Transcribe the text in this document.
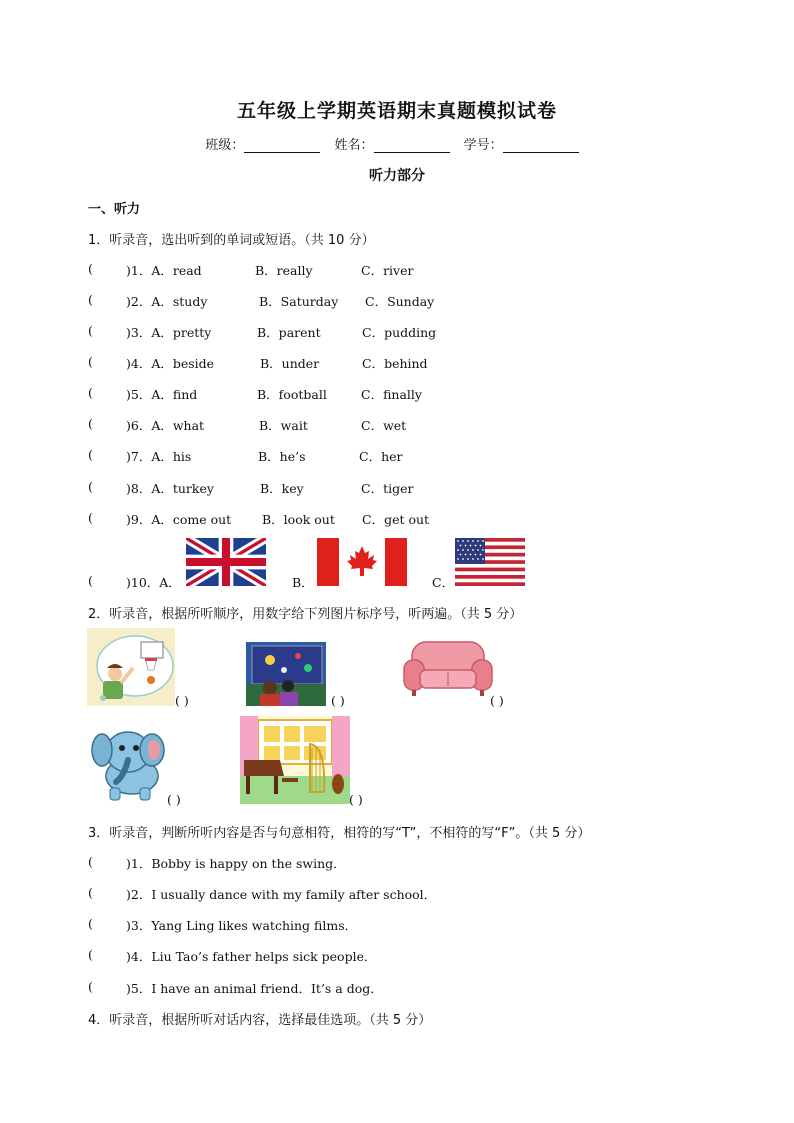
五年级上学期英语期末真题模拟试卷
班级：	姓名：	学号：
听力部分
一、听力
1．听录音，选出听到的单词或短语。（共 10 分）
(	)1．A．read	B．really	C．river
(	)2．A．study	B．Saturday C．Sunday
(	)3．A．pretty	B．parent	C．pudding
(	)4．A．beside	B．under	C．behind
(	)5．A．find	B．football	C．finally
(	)6．A．what	B．wait	C．wet
(	)7．A．his	B．he’s	C．her
(	)8．A．turkey	B．key	C．tiger
(	)9．A．come out B．look out C．get out
(	)10．A．	B．	C．
2．听录音，根据所听顺序，用数字给下列图片标序号，听两遍。（共 5 分）
( )	( )	( )
( )	( )
3．听录音，判断所听内容是否与句意相符，相符的写“T”，不相符的写“F”。（共 5 分）
(	)1．Bobby is happy on the swing．
(	)2．I usually dance with my family after school．
(	)3．Yang Ling likes watching films．
(	)4．Liu Tao’s father helps sick people．
(	)5．I have an animal friend．It’s a dog．
4．听录音，根据所听对话内容，选择最佳选项。（共 5 分）
